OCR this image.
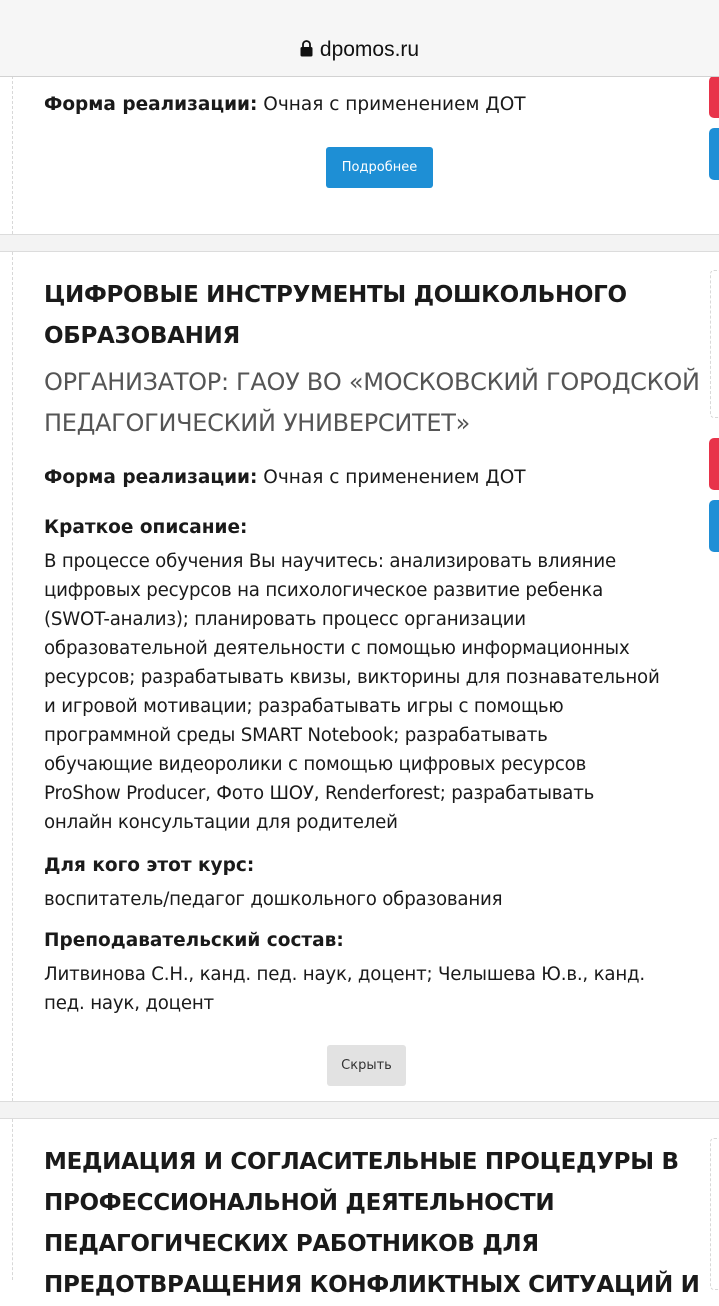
dpomos.ru
Форма реализации: Очная с применением ДОТ
Подробнее
ЦИФРОВЫЕ ИНСТРУМЕНТЫ ДОШКОЛЬНОГО
ОБРАЗОВАНИЯ
ОРГАНИЗАТОР: ГАОУ ВО «МОСКОВСКИЙ ГОРОДСКОЙ
ПЕДАГОГИЧЕСКИЙ УНИВЕРСИТЕТ»
Форма реализации: Очная с применением ДОТ
Краткое описание:
В процессе обучения Вы научитесь: анализировать влияние
цифровых ресурсов на психологическое развитие ребенка
(SWOT-анализ); планировать процесс организации
образовательной деятельности с помощью информационных
ресурсов; разрабатывать квизы, викторины для познавательной
и игровой мотивации; разрабатывать игры с помощью
программной среды SMART Notebook; разрабатывать
обучающие видеоролики с помощью цифровых ресурсов
ProShow Producer, Фото ШОУ, Renderforest; разрабатывать
онлайн консультации для родителей
Для кого этот курс:
воспитатель/педагог дошкольного образования
Преподавательский состав:
Литвинова С.Н., канд. пед. наук, доцент; Челышева Ю.в., канд.
пед. наук, доцент
Скрыть
МЕДИАЦИЯ И СОГЛАСИТЕЛЬНЫЕ ПРОЦЕДУРЫ В
ПРОФЕССИОНАЛЬНОЙ ДЕЯТЕЛЬНОСТИ
ПЕДАГОГИЧЕСКИХ РАБОТНИКОВ ДЛЯ
ПРЕДОТВРАЩЕНИЯ КОНФЛИКТНЫХ СИТУАЦИЙ И
